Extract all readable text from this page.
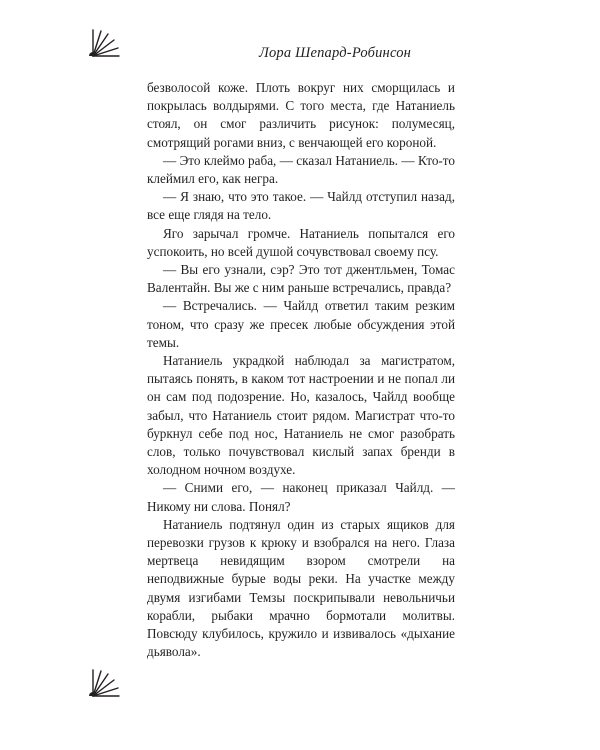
Лора Шепард-Робинсон

безволосой коже. Плоть вокруг них сморщилась и покрылась волдырями. С того места, где Натаниель стоял, он смог различить рисунок: полумесяц, смотрящий рогами вниз, с венчающей его короной.

— Это клеймо раба, — сказал Натаниель. — Кто-то клеймил его, как негра.

— Я знаю, что это такое. — Чайлд отступил назад, все еще глядя на тело.

Яго зарычал громче. Натаниель попытался его успокоить, но всей душой сочувствовал своему псу.

— Вы его узнали, сэр? Это тот джентльмен, Томас Валентайн. Вы же с ним раньше встречались, правда?

— Встречались. — Чайлд ответил таким резким тоном, что сразу же пресек любые обсуждения этой темы.

Натаниель украдкой наблюдал за магистратом, пытаясь понять, в каком тот настроении и не попал ли он сам под подозрение. Но, казалось, Чайлд вообще забыл, что Натаниель стоит рядом. Магистрат что-то буркнул себе под нос, Натаниель не смог разобрать слов, только почувствовал кислый запах бренди в холодном ночном воздухе.

— Сними его, — наконец приказал Чайлд. — Никому ни слова. Понял?

Натаниель подтянул один из старых ящиков для перевозки грузов к крюку и взобрался на него. Глаза мертвеца невидящим взором смотрели на неподвижные бурые воды реки. На участке между двумя изгибами Темзы поскрипывали невольничьи корабли, рыбаки мрачно бормотали молитвы. Повсюду клубилось, кружило и извивалось «дыхание дьявола».
